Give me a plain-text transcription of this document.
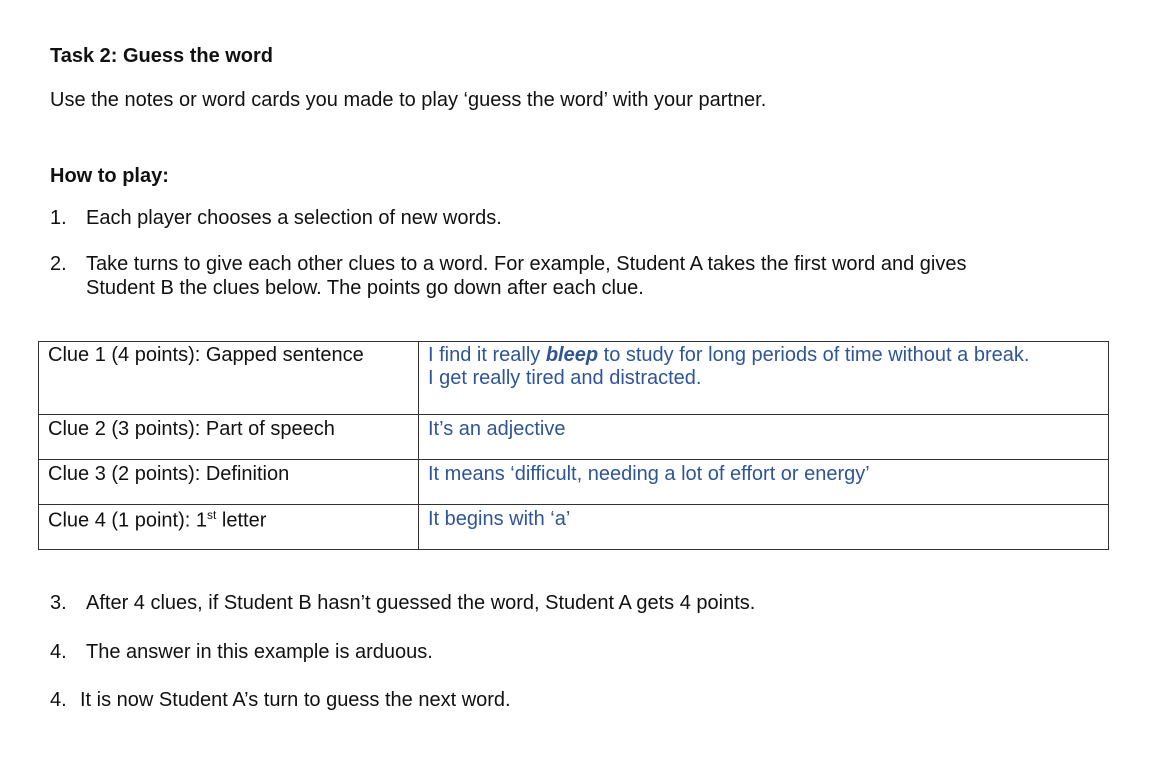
Task 2: Guess the word
Use the notes or word cards you made to play ‘guess the word’ with your partner.
How to play:
1. Each player chooses a selection of new words.
2. Take turns to give each other clues to a word. For example, Student A takes the first word and gives
Student B the clues below. The points go down after each clue.
Clue 1 (4 points): Gapped sentence	I find it really bleep to study for long periods of time without a break.
I get really tired and distracted.
Clue 2 (3 points): Part of speech	It’s an adjective
Clue 3 (2 points): Definition	It means ‘difficult, needing a lot of effort or energy’
Clue 4 (1 point): 1st letter	It begins with ‘a’
3. After 4 clues, if Student B hasn’t guessed the word, Student A gets 4 points.
4. The answer in this example is arduous.
4. It is now Student A’s turn to guess the next word.
